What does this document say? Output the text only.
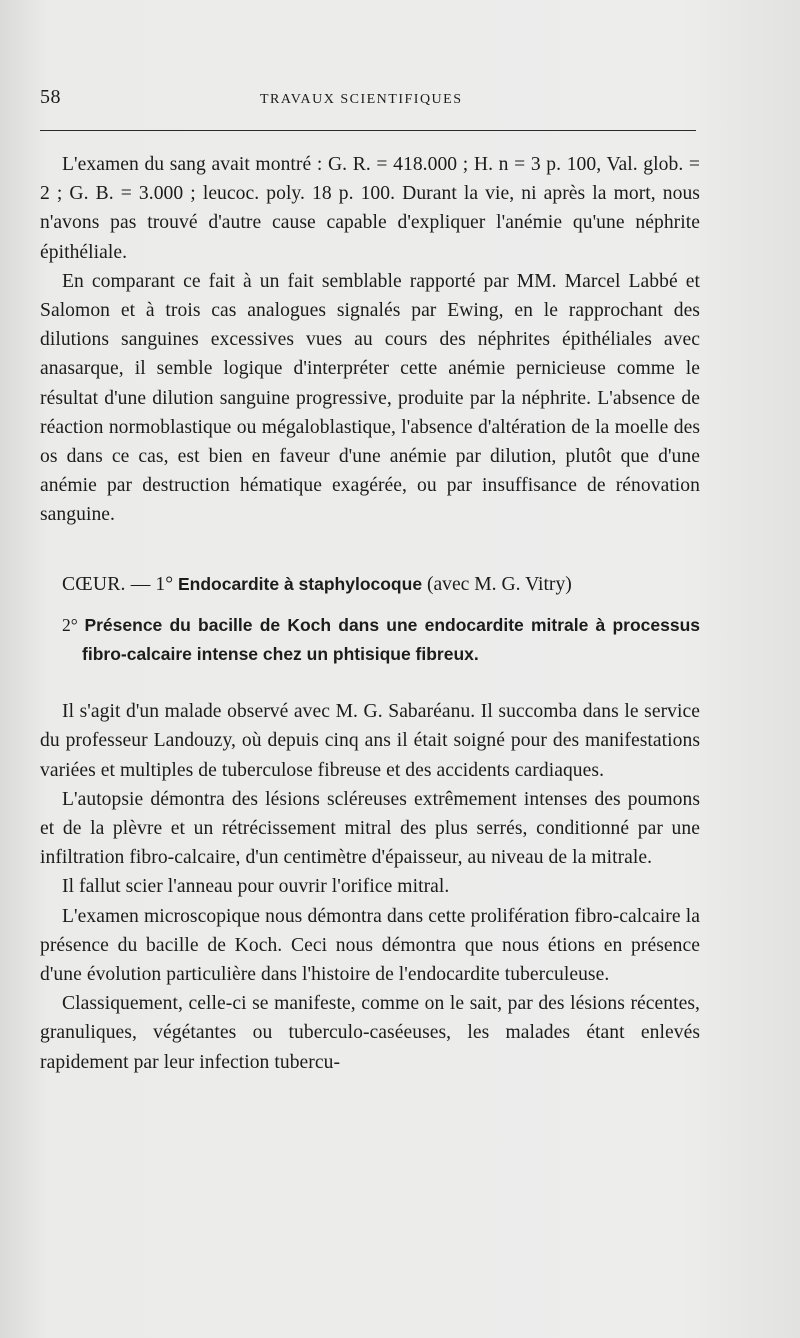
58	TRAVAUX SCIENTIFIQUES

L'examen du sang avait montré : G. R. = 418.000 ; H. n = 3 p. 100, Val. glob. = 2 ; G. B. = 3.000 ; leucoc. poly. 18 p. 100. Durant la vie, ni après la mort, nous n'avons pas trouvé d'autre cause capable d'expliquer l'anémie qu'une néphrite épithéliale.

En comparant ce fait à un fait semblable rapporté par MM. Marcel Labbé et Salomon et à trois cas analogues signalés par Ewing, en le rapprochant des dilutions sanguines excessives vues au cours des néphrites épithéliales avec anasarque, il semble logique d'interpréter cette anémie pernicieuse comme le résultat d'une dilution sanguine progressive, produite par la néphrite. L'absence de réaction normoblastique ou mégaloblastique, l'absence d'altération de la moelle des os dans ce cas, est bien en faveur d'une anémie par dilution, plutôt que d'une anémie par destruction hématique exagérée, ou par insuffisance de rénovation sanguine.

CŒUR. — 1° Endocardite à staphylocoque (avec M. G. Vitry)

2° Présence du bacille de Koch dans une endocardite mitrale à processus fibro-calcaire intense chez un phtisique fibreux.

Il s'agit d'un malade observé avec M. G. Sabaréanu. Il succomba dans le service du professeur Landouzy, où depuis cinq ans il était soigné pour des manifestations variées et multiples de tuberculose fibreuse et des accidents cardiaques.

L'autopsie démontra des lésions scléreuses extrêmement intenses des poumons et de la plèvre et un rétrécissement mitral des plus serrés, conditionné par une infiltration fibro-calcaire, d'un centimètre d'épaisseur, au niveau de la mitrale.

Il fallut scier l'anneau pour ouvrir l'orifice mitral.

L'examen microscopique nous démontra dans cette prolifération fibro-calcaire la présence du bacille de Koch. Ceci nous démontra que nous étions en présence d'une évolution particulière dans l'histoire de l'endocardite tuberculeuse.

Classiquement, celle-ci se manifeste, comme on le sait, par des lésions récentes, granuliques, végétantes ou tuberculo-caséeuses, les malades étant enlevés rapidement par leur infection tubercu-
